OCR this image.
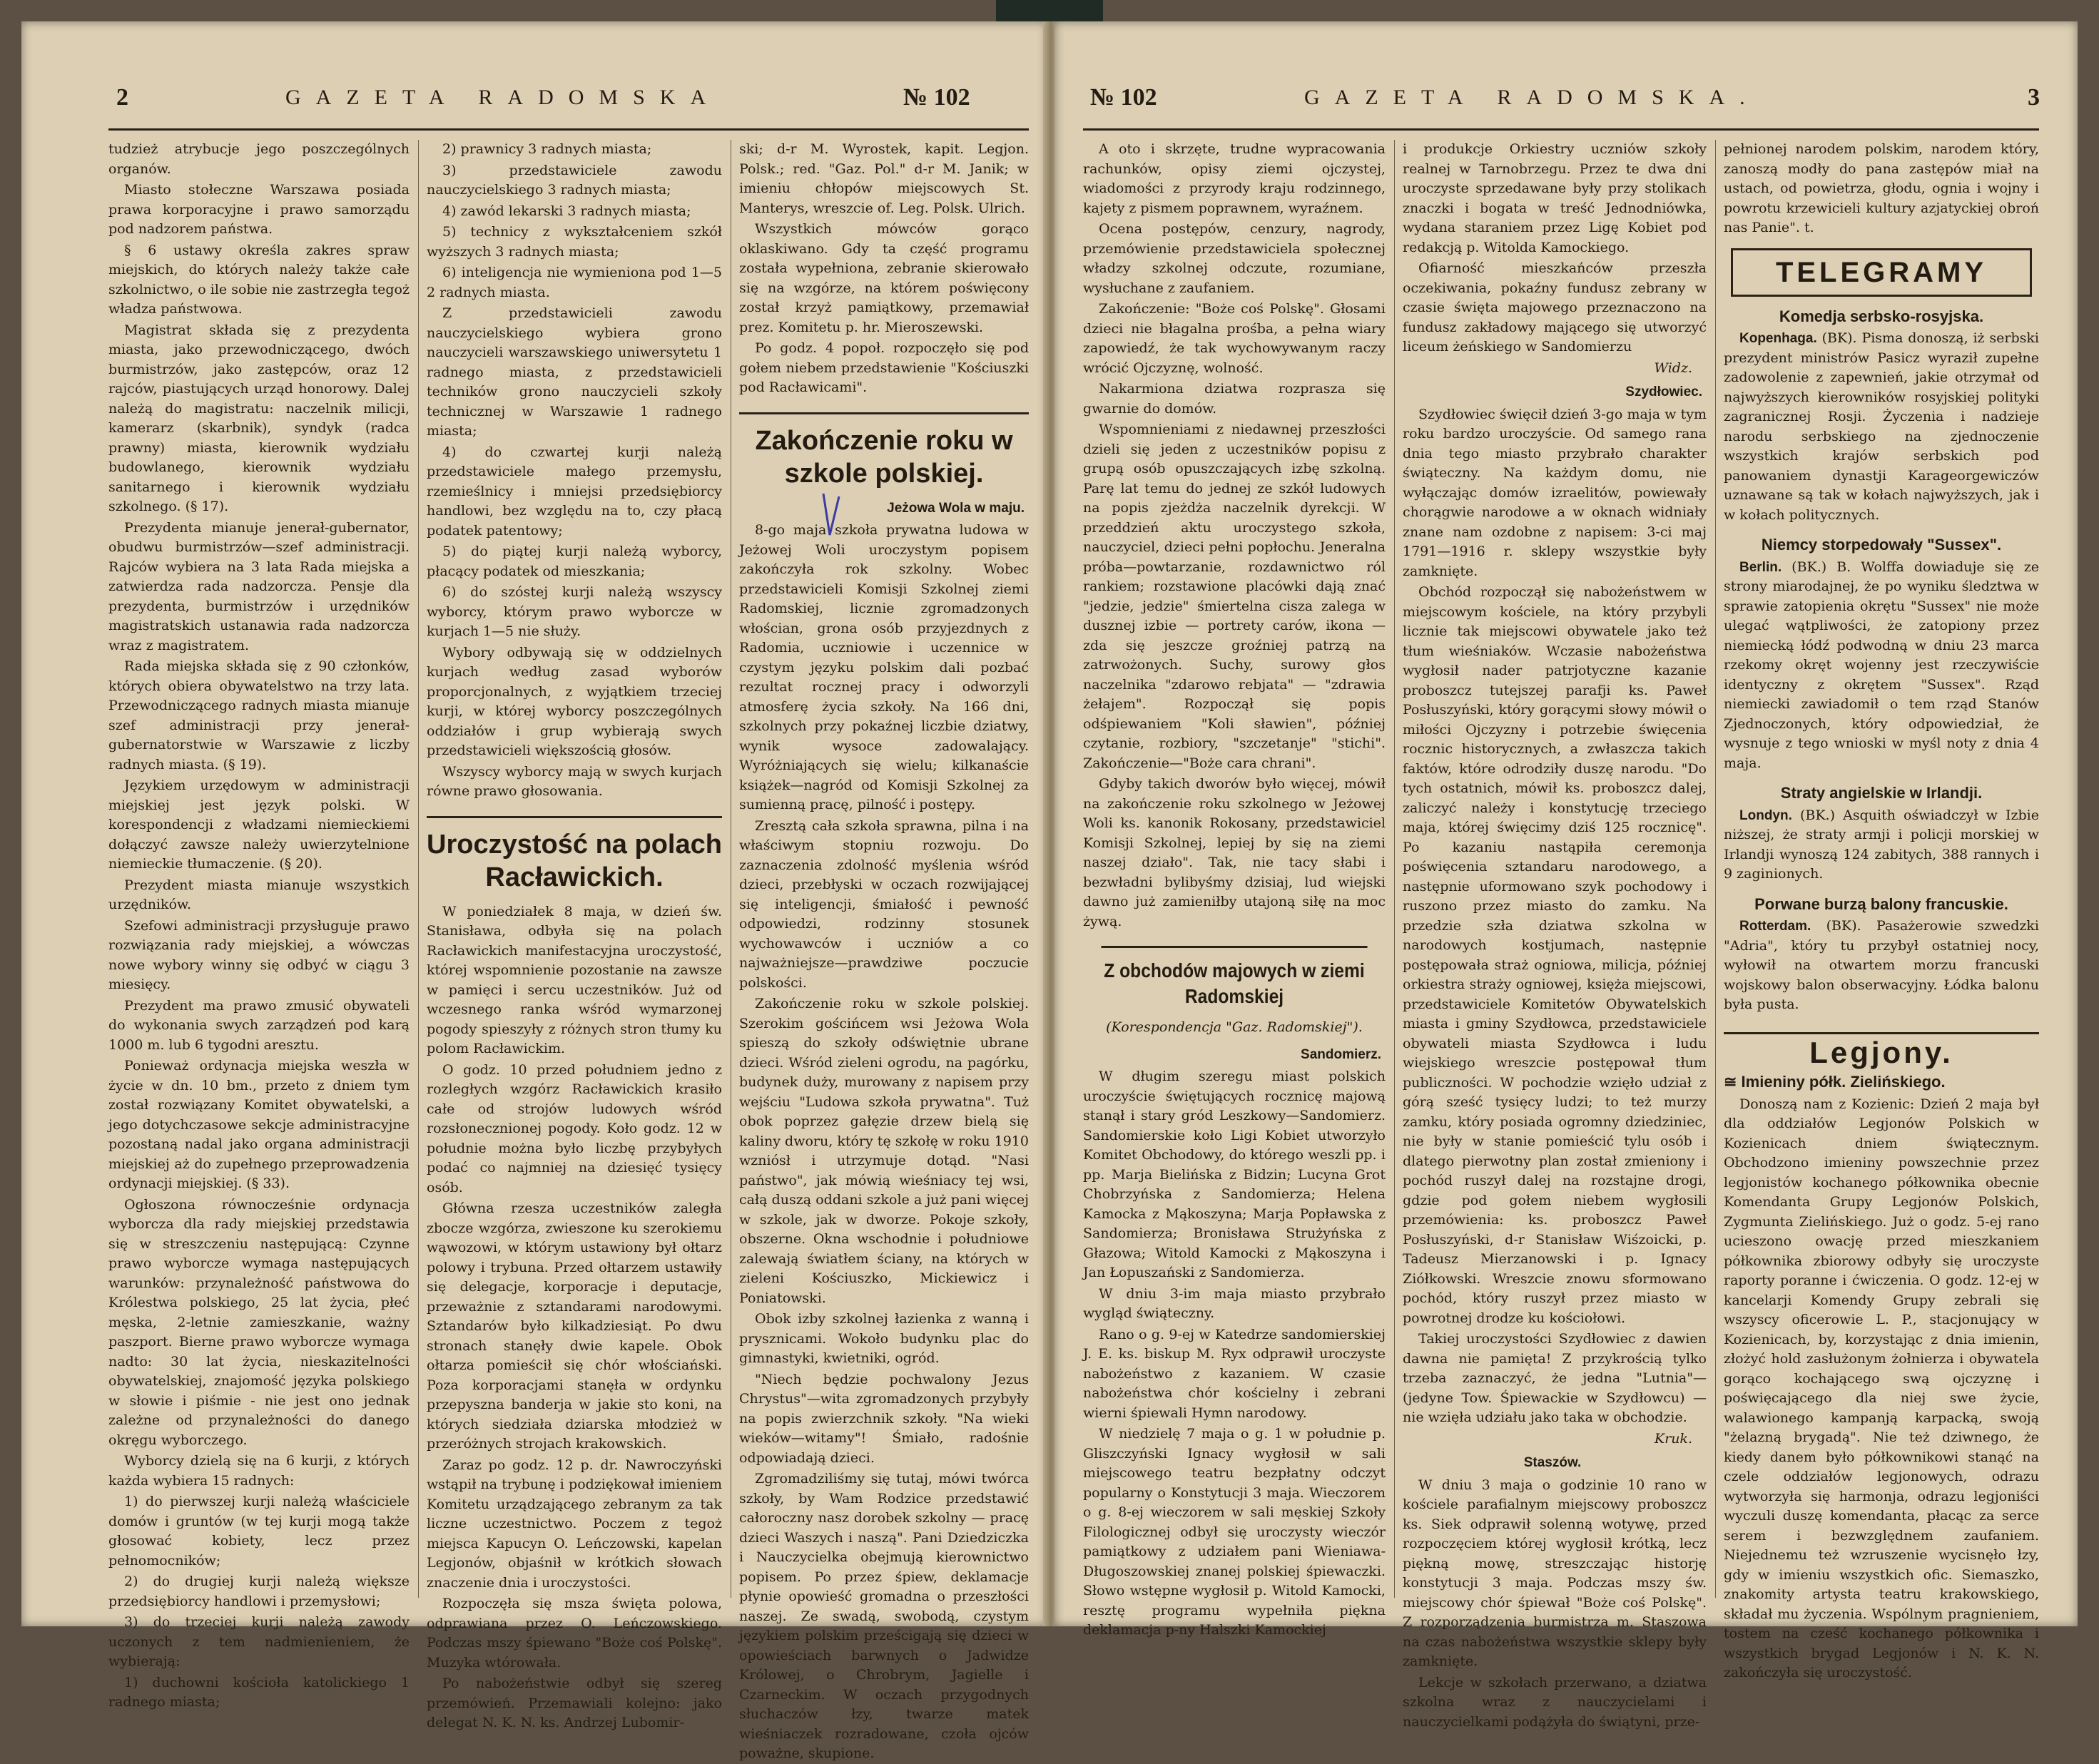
2	GAZETA RADOMSKA	№ 102

tudzież atrybucje jego poszczególnych organów.

Miasto stołeczne Warszawa posiada prawa korporacyjne i prawo samorządu pod nadzorem państwa.

§ 6 ustawy określa zakres spraw miejskich, do których należy także całe szkolnictwo, o ile sobie nie zastrzegła tegoż władza państwowa.

Magistrat składa się z prezydenta miasta, jako przewodniczącego, dwóch burmistrzów, jako zastępców, oraz 12 rajców, piastujących urząd honorowy. Dalej należą do magistratu: naczelnik milicji, kamerarz (skarbnik), syndyk (radca prawny) miasta, kierownik wydziału budowlanego, kierownik wydziału sanitarnego i kierownik wydziału szkolnego. (§ 17).

Prezydenta mianuje jenerał-gubernator, obudwu burmistrzów—szef administracji. Rajców wybiera na 3 lata Rada miejska a zatwierdza rada nadzorcza. Pensje dla prezydenta, burmistrzów i urzędników magistratskich ustanawia rada nadzorcza wraz z magistratem.

Rada miejska składa się z 90 członków, których obiera obywatelstwo na trzy lata. Przewodniczącego radnych miasta mianuje szef administracji przy jenerał-gubernatorstwie w Warszawie z liczby radnych miasta. (§ 19).

Językiem urzędowym w administracji miejskiej jest język polski. W korespondencji z władzami niemieckiemi dołączyć zawsze należy uwierzytelnione niemieckie tłumaczenie. (§ 20).

Prezydent miasta mianuje wszystkich urzędników.

Szefowi administracji przysługuje prawo rozwiązania rady miejskiej, a wówczas nowe wybory winny się odbyć w ciągu 3 miesięcy.

Prezydent ma prawo zmusić obywateli do wykonania swych zarządzeń pod karą 1000 m. lub 6 tygodni aresztu.

Ponieważ ordynacja miejska weszła w życie w dn. 10 bm., przeto z dniem tym został rozwiązany Komitet obywatelski, a jego dotychczasowe sekcje administracyjne pozostaną nadal jako organa administracji miejskiej aż do zupełnego przeprowadzenia ordynacji miejskiej. (§ 33).

Ogłoszona równocześnie ordynacja wyborcza dla rady miejskiej przedstawia się w streszczeniu następującą: Czynne prawo wyborcze wymaga następujących warunków: przynależność państwowa do Królestwa polskiego, 25 lat życia, płeć męska, 2-letnie zamieszkanie, ważny paszport. Bierne prawo wyborcze wymaga nadto: 30 lat życia, nieskazitelności obywatelskiej, znajomość języka polskiego w słowie i piśmie - nie jest ono jednak zależne od przynależności do danego okręgu wyborczego.

Wyborcy dzielą się na 6 kurji, z których każda wybiera 15 radnych:

1) do pierwszej kurji należą właściciele domów i gruntów (w tej kurji mogą także głosować kobiety, lecz przez pełnomocników;

2) do drugiej kurji należą większe przedsiębiorcy handlowi i przemysłowi;

3) do trzeciej kurji należą zawody uczonych z tem nadmienieniem, że wybierają:

1) duchowni kościoła katolickiego 1 radnego miasta;

2) prawnicy 3 radnych miasta;

3) przedstawiciele zawodu nauczycielskiego 3 radnych miasta;

4) zawód lekarski 3 radnych miasta;

5) technicy z wykształceniem szkół wyższych 3 radnych miasta;

6) inteligencja nie wymieniona pod 1—5 2 radnych miasta.

Z przedstawicieli zawodu nauczycielskiego wybiera grono nauczycieli warszawskiego uniwersytetu 1 radnego miasta, z przedstawicieli techników grono nauczycieli szkoły technicznej w Warszawie 1 radnego miasta;

4) do czwartej kurji należą przedstawiciele małego przemysłu, rzemieślnicy i mniejsi przedsiębiorcy handlowi, bez względu na to, czy płacą podatek patentowy;

5) do piątej kurji należą wyborcy, płacący podatek od mieszkania;

6) do szóstej kurji należą wszyscy wyborcy, którym prawo wyborcze w kurjach 1—5 nie służy.

Wybory odbywają się w oddzielnych kurjach według zasad wyborów proporcjonalnych, z wyjątkiem trzeciej kurji, w której wyborcy poszczególnych oddziałów i grup wybierają swych przedstawicieli większością głosów.

Wszyscy wyborcy mają w swych kurjach równe prawo głosowania.

Uroczystość na polach Racławickich.

W poniedziałek 8 maja, w dzień św. Stanisława, odbyła się na polach Racławickich manifestacyjna uroczystość, której wspomnienie pozostanie na zawsze w pamięci i sercu uczestników. Już od wczesnego ranka wśród wymarzonej pogody spieszyły z różnych stron tłumy ku polom Racławickim.

O godz. 10 przed południem jedno z rozległych wzgórz Racławickich krasiło całe od strojów ludowych wśród rozsłonecznionej pogody. Koło godz. 12 w południe można było liczbę przybyłych podać co najmniej na dziesięć tysięcy osób.

Główna rzesza uczestników zaległa zbocze wzgórza, zwieszone ku szerokiemu wąwozowi, w którym ustawiony był ołtarz polowy i trybuna. Przed ołtarzem ustawiły się delegacje, korporacje i deputacje, przeważnie z sztandarami narodowymi. Sztandarów było kilkadziesiąt. Po dwu stronach stanęły dwie kapele. Obok ołtarza pomieścił się chór włościański. Poza korporacjami stanęła w ordynku przepyszna banderja w jakie sto koni, na których siedziała dziarska młodzież w przeróżnych strojach krakowskich.

Zaraz po godz. 12 p. dr. Nawroczyński wstąpił na trybunę i podziękował imieniem Komitetu urządzającego zebranym za tak liczne uczestnictwo. Poczem z tegoż miejsca Kapucyn O. Leńczowski, kapelan Legjonów, objaśnił w krótkich słowach znaczenie dnia i uroczystości.

Rozpoczęła się msza święta polowa, odprawiana przez O. Leńczowskiego. Podczas mszy śpiewano "Boże coś Polskę". Muzyka wtórowała.

Po nabożeństwie odbył się szereg przemówień. Przemawiali kolejno: jako delegat N. K. N. ks. Andrzej Lubomir-

ski; d-r M. Wyrostek, kapit. Legjon. Polsk.; red. "Gaz. Pol." d-r M. Janik; w imieniu chłopów miejscowych St. Manterys, wreszcie of. Leg. Polsk. Ulrich.

Wszystkich mówców gorąco oklaskiwano. Gdy ta część programu została wypełniona, zebranie skierowało się na wzgórze, na którem poświęcony został krzyż pamiątkowy, przemawiał prez. Komitetu p. hr. Mieroszewski.

Po godz. 4 popoł. rozpoczęło się pod gołem niebem przedstawienie "Kościuszki pod Racławicami".

Zakończenie roku w szkole polskiej.
Jeżowa Wola w maju.

8-go maja szkoła prywatna ludowa w Jeżowej Woli uroczystym popisem zakończyła rok szkolny. Wobec przedstawicieli Komisji Szkolnej ziemi Radomskiej, licznie zgromadzonych włościan, grona osób przyjezdnych z Radomia, uczniowie i uczennice w czystym języku polskim dali pozbać rezultat rocznej pracy i odworzyli atmosferę życia szkoły. Na 166 dni, szkolnych przy pokaźnej liczbie dziatwy, wynik wysoce zadowalający. Wyróżniających się wielu; kilkanaście książek—nagród od Komisji Szkolnej za sumienną pracę, pilność i postępy.

Zresztą cała szkoła sprawna, pilna i na właściwym stopniu rozwoju. Do zaznaczenia zdolność myślenia wśród dzieci, przebłyski w oczach rozwijającej się inteligencji, śmiałość i pewność odpowiedzi, rodzinny stosunek wychowawców i uczniów a co najważniejsze—prawdziwe poczucie polskości.

Zakończenie roku w szkole polskiej. Szerokim gościńcem wsi Jeżowa Wola spieszą do szkoły odświętnie ubrane dzieci. Wśród zieleni ogrodu, na pagórku, budynek duży, murowany z napisem przy wejściu "Ludowa szkoła prywatna". Tuż obok poprzez gałęzie drzew bielą się kaliny dworu, który tę szkołę w roku 1910 wzniósł i utrzymuje dotąd. "Nasi państwo", jak mówią wieśniacy tej wsi, całą duszą oddani szkole a już pani więcej w szkole, jak w dworze. Pokoje szkoły, obszerne. Okna wschodnie i południowe zalewają światłem ściany, na których w zieleni Kościuszko, Mickiewicz i Poniatowski.

Obok izby szkolnej łazienka z wanną i prysznicami. Wokoło budynku plac do gimnastyki, kwietniki, ogród.

"Niech będzie pochwalony Jezus Chrystus"—wita zgromadzonych przybyły na popis zwierzchnik szkoły. "Na wieki wieków—witamy"! Śmiało, radośnie odpowiadają dzieci.

Zgromadziliśmy się tutaj, mówi twórca szkoły, by Wam Rodzice przedstawić całoroczny nasz dorobek szkolny — pracę dzieci Waszych i naszą". Pani Dziedziczka i Nauczycielka obejmują kierownictwo popisem. Po przez śpiew, deklamacje płynie opowieść gromadna o przeszłości naszej. Ze swadą, swobodą, czystym językiem polskim prześcigają się dzieci w opowieściach barwnych o Jadwidze Królowej, o Chrobrym, Jagielle i Czarneckim. W oczach przygodnych słuchaczów łzy, twarze matek wieśniaczek rozradowane, czoła ojców poważne, skupione.

№ 102	GAZETA RADOMSKA.	3

A oto i skrzęte, trudne wypracowania rachunków, opisy ziemi ojczystej, wiadomości z przyrody kraju rodzinnego, kajety z pismem poprawnem, wyraźnem.

Ocena postępów, cenzury, nagrody, przemówienie przedstawiciela społecznej władzy szkolnej odczute, rozumiane, wysłuchane z zaufaniem.

Zakończenie: "Boże coś Polskę". Głosami dzieci nie błagalna prośba, a pełna wiary zapowiedź, że tak wychowywanym raczy wrócić Ojczyznę, wolność.

Nakarmiona dziatwa rozprasza się gwarnie do domów.

Wspomnieniami z niedawnej przeszłości dzieli się jeden z uczestników popisu z grupą osób opuszczających izbę szkolną. Parę lat temu do jednej ze szkół ludowych na popis zjeżdża naczelnik dyrekcji. W przeddzień aktu uroczystego szkoła, nauczyciel, dzieci pełni popłochu. Jeneralna próba—powtarzanie, rozdawnictwo ról rankiem; rozstawione placówki dają znać "jedzie, jedzie" śmiertelna cisza zalega w dusznej izbie — portrety carów, ikona — zda się jeszcze groźniej patrzą na zatrwożonych. Suchy, surowy głos naczelnika "zdarowo rebjata" — "zdrawia żełajem". Rozpoczął się popis odśpiewaniem "Koli sławien", później czytanie, rozbiory, "szczetanje" "stichi". Zakończenie—"Boże cara chrani".

Gdyby takich dworów było więcej, mówił na zakończenie roku szkolnego w Jeżowej Woli ks. kanonik Rokosany, przedstawiciel Komisji Szkolnej, lepiej by się na ziemi naszej działo". Tak, nie tacy słabi i bezwładni bylibyśmy dzisiaj, lud wiejski dawno już zamieniłby utajoną siłę na moc żywą.

Z obchodów majowych w ziemi Radomskiej
(Korespondencja "Gaz. Radomskiej").
Sandomierz.

W długim szeregu miast polskich uroczyście świętujących rocznicę majową stanął i stary gród Leszkowy—Sandomierz. Sandomierskie koło Ligi Kobiet utworzyło Komitet Obchodowy, do którego weszli pp. i pp. Marja Bielińska z Bidzin; Lucyna Grot Chobrzyńska z Sandomierza; Helena Kamocka z Mąkoszyna; Marja Popławska z Sandomierza; Bronisława Strużyńska z Głazowa; Witold Kamocki z Mąkoszyna i Jan Łopuszański z Sandomierza.

W dniu 3-im maja miasto przybrało wygląd świąteczny.

Rano o g. 9-ej w Katedrze sandomierskiej J. E. ks. biskup M. Ryx odprawił uroczyste nabożeństwo z kazaniem. W czasie nabożeństwa chór kościelny i zebrani wierni śpiewali Hymn narodowy.

W niedzielę 7 maja o g. 1 w południe p. Gliszczyński Ignacy wygłosił w sali miejscowego teatru bezpłatny odczyt popularny o Konstytucji 3 maja. Wieczorem o g. 8-ej wieczorem w sali męskiej Szkoły Filologicznej odbył się uroczysty wieczór pamiątkowy z udziałem pani Wieniawa-Długoszowskiej znanej polskiej śpiewaczki. Słowo wstępne wygłosił p. Witold Kamocki, resztę programu wypełniła piękna deklamacja p-ny Halszki Kamockiej

i produkcje Orkiestry uczniów szkoły realnej w Tarnobrzegu. Przez te dwa dni uroczyste sprzedawane były przy stolikach znaczki i bogata w treść Jednodniówka, wydana staraniem przez Ligę Kobiet pod redakcją p. Witolda Kamockiego.

Ofiarność mieszkańców przeszła oczekiwania, pokaźny fundusz zebrany w czasie święta majowego przeznaczono na fundusz zakładowy mającego się utworzyć liceum żeńskiego w Sandomierzu

Widz.
Szydłowiec.

Szydłowiec święcił dzień 3-go maja w tym roku bardzo uroczyście. Od samego rana dnia tego miasto przybrało charakter świąteczny. Na każdym domu, nie wyłączając domów izraelitów, powiewały chorągwie narodowe a w oknach widniały znane nam ozdobne z napisem: 3-ci maj 1791—1916 r. sklepy wszystkie były zamknięte.

Obchód rozpoczął się nabożeństwem w miejscowym kościele, na który przybyli licznie tak miejscowi obywatele jako też tłum wieśniaków. Wczasie nabożeństwa wygłosił nader patrjotyczne kazanie proboszcz tutejszej parafji ks. Paweł Posłuszyński, który gorącymi słowy mówił o miłości Ojczyzny i potrzebie święcenia rocznic historycznych, a zwłaszcza takich faktów, które odrodziły duszę narodu. "Do tych ostatnich, mówił ks. proboszcz dalej, zaliczyć należy i konstytucję trzeciego maja, której święcimy dziś 125 rocznicę". Po kazaniu nastąpiła ceremonja poświęcenia sztandaru narodowego, a następnie uformowano szyk pochodowy i ruszono przez miasto do zamku. Na przedzie szła dziatwa szkolna w narodowych kostjumach, następnie postępowała straż ogniowa, milicja, później orkiestra straży ogniowej, księża miejscowi, przedstawiciele Komitetów Obywatelskich miasta i gminy Szydłowca, przedstawiciele obywateli miasta Szydłowca i ludu wiejskiego wreszcie postępował tłum publiczności. W pochodzie wzięło udział z górą sześć tysięcy ludzi; to też murzy zamku, który posiada ogromny dziedziniec, nie były w stanie pomieścić tylu osób i dlatego pierwotny plan został zmieniony i pochód ruszył dalej na rozstajne drogi, gdzie pod gołem niebem wygłosili przemówienia: ks. proboszcz Paweł Posłuszyński, d-r Stanisław Wiśzoicki, p. Tadeusz Mierzanowski i p. Ignacy Ziółkowski. Wreszcie znowu sformowano pochód, który ruszył przez miasto w powrotnej drodze ku kościołowi.

Takiej uroczystości Szydłowiec z dawien dawna nie pamięta! Z przykrością tylko trzeba zaznaczyć, że jedna "Lutnia"—(jedyne Tow. Śpiewackie w Szydłowcu) — nie wzięła udziału jako taka w obchodzie.

Kruk.
Staszów.

W dniu 3 maja o godzinie 10 rano w kościele parafialnym miejscowy proboszcz ks. Siek odprawił solenną wotywę, przed rozpoczęciem której wygłosił krótką, lecz piękną mowę, streszczając historję konstytucji 3 maja. Podczas mszy św. miejscowy chór śpiewał "Boże coś Polskę". Z rozporządzenia burmistrza m. Staszowa na czas nabożeństwa wszystkie sklepy były zamknięte.

Lekcje w szkołach przerwano, a dziatwa szkolna wraz z nauczycielami i nauczycielkami podążyła do świątyni, prze-

pełnionej narodem polskim, narodem który, zanoszą modły do pana zastępów miał na ustach, od powietrza, głodu, ognia i wojny i powrotu krzewicieli kultury azjatyckiej obroń nas Panie". t.

TELEGRAMY
Komedja serbsko-rosyjska.

Kopenhaga. (BK). Pisma donoszą, iż serbski prezydent ministrów Pasicz wyraził zupełne zadowolenie z zapewnień, jakie otrzymał od najwyższych kierowników rosyjskiej polityki zagranicznej Rosji. Życzenia i nadzieje narodu serbskiego na zjednoczenie wszystkich krajów serbskich pod panowaniem dynastji Karageorgewiczów uznawane są tak w kołach najwyższych, jak i w kołach politycznych.

Niemcy storpedowały "Sussex".

Berlin. (BK.) B. Wolffa dowiaduje się ze strony miarodajnej, że po wyniku śledztwa w sprawie zatopienia okrętu "Sussex" nie może ulegać wątpliwości, że zatopiony przez niemiecką łódź podwodną w dniu 23 marca rzekomy okręt wojenny jest rzeczywiście identyczny z okrętem "Sussex". Rząd niemiecki zawiadomił o tem rząd Stanów Zjednoczonych, który odpowiedział, że wysnuje z tego wnioski w myśl noty z dnia 4 maja.

Straty angielskie w Irlandji.

Londyn. (BK.) Asquith oświadczył w Izbie niższej, że straty armji i policji morskiej w Irlandji wynoszą 124 zabitych, 388 rannych i 9 zaginionych.

Porwane burzą balony francuskie.

Rotterdam. (BK). Pasażerowie szwedzki "Adria", który tu przybył ostatniej nocy, wyłowił na otwartem morzu francuski wojskowy balon obserwacyjny. Łódka balonu była pusta.

Legjony.
≅ Imieniny półk. Zielińskiego.

Donoszą nam z Kozienic: Dzień 2 maja był dla oddziałów Legjonów Polskich w Kozienicach dniem świątecznym. Obchodzono imieniny powszechnie przez legjonistów kochanego półkownika obecnie Komendanta Grupy Legjonów Polskich, Zygmunta Zielińskiego. Już o godz. 5-ej rano ucieszono owację przed mieszkaniem półkownika zbiorowy odbyły się uroczyste raporty poranne i ćwiczenia. O godz. 12-ej w kancelarji Komendy Grupy zebrali się wszyscy oficerowie L. P., stacjonujący w Kozienicach, by, korzystając z dnia imienin, złożyć hold zasłużonym żołnierza i obywatela gorąco kochającego swą ojczyznę i poświęcającego dla niej swe życie, walawionego kampanją karpacką, swoją "żelazną brygadą". Nie też dziwnego, że kiedy danem było półkownikowi stanąć na czele oddziałów legjonowych, odrazu wytworzyła się harmonja, odrazu legjoniści wyczuli duszę komendanta, płacąc za serce serem i bezwzględnem zaufaniem. Niejednemu też wzruszenie wycisnęło łzy, gdy w imieniu wszystkich ofic. Siemaszko, znakomity artysta teatru krakowskiego, składał mu życzenia. Wspólnym pragnieniem, tostem na cześć kochanego półkownika i wszystkich brygad Legjonów i N. K. N. zakończyła się uroczystość.
